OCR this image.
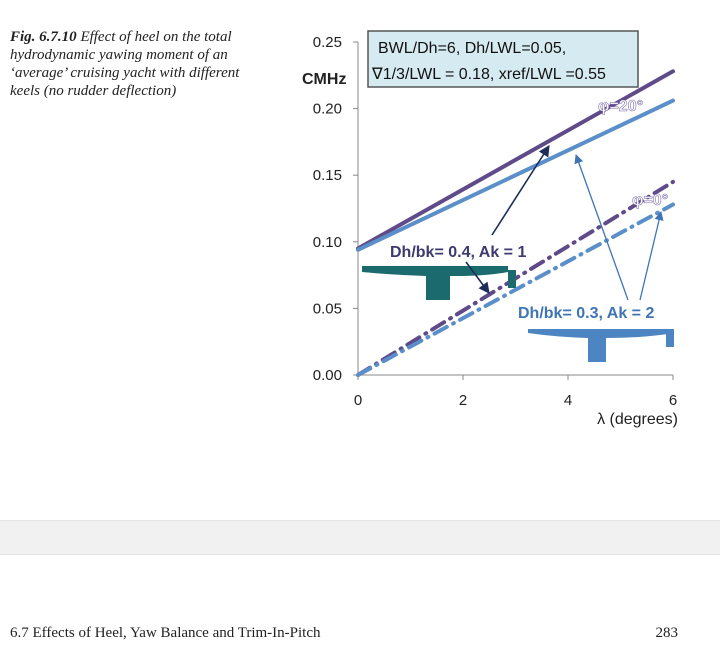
Fig. 6.7.10 Effect of heel on the total hydrodynamic yawing moment of an ‘average’ cruising yacht with different keels (no rudder deflection)
0.25
0.20
0.15
0.10
0.05
0.00
0	2	4	6
CMHz
λ (degrees)
BWL/Dh=6, Dh/LWL=0.05,
∇1/3/LWL = 0.18, xref/LWL =0.55
φ=20°
φ=0°
Dh/bk= 0.4, Ak = 1
Dh/bk= 0.3, Ak = 2
6.7 Effects of Heel, Yaw Balance and Trim-In-Pitch	283
